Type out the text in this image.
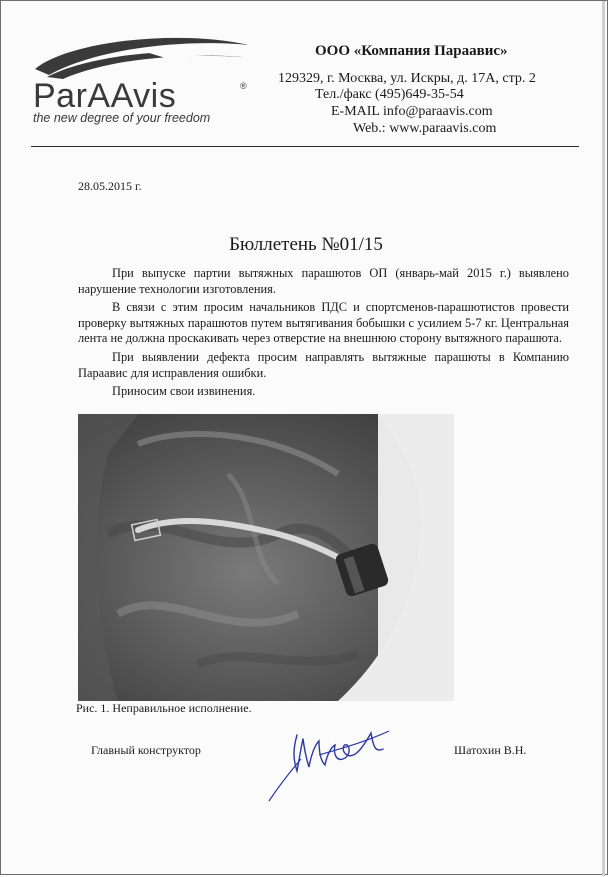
ParAAvis	®
the new degree of your freedom
ООО «Компания Параавис»
129329, г. Москва, ул. Искры, д. 17А, стр. 2
Тел./факс (495)649-35-54
E-MAIL info@paraavis.com
Web.: www.paraavis.com
28.05.2015 г.
Бюллетень №01/15

При выпуске партии вытяжных парашютов ОП (январь-май 2015 г.) выявлено нарушение технологии изготовления.

В связи с этим просим начальников ПДС и спортсменов-парашютистов провести проверку вытяжных парашютов путем вытягивания бобышки с усилием 5-7 кг. Центральная лента не должна проскакивать через отверстие на внешнюю сторону вытяжного парашюта.

При выявлении дефекта просим направлять вытяжные парашюты в Компанию Параавис для исправления ошибки.

Приносим свои извинения.

Рис. 1. Неправильное исполнение.
Главный конструктор	Шатохин В.Н.
